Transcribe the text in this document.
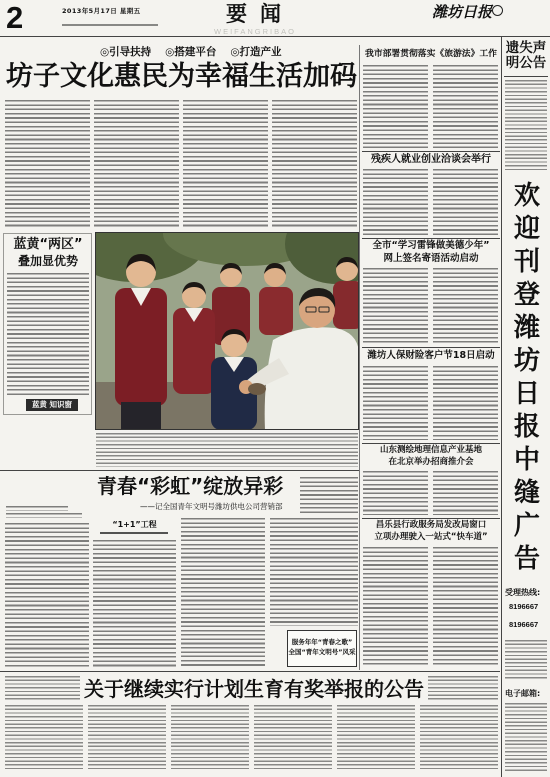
2	2013年5月17日 星期五	要闻
WEIFANGRIBAO
潍坊日报
◎引导扶持 ◎搭建平台 ◎打造产业
坊子文化惠民为幸福生活加码
蓝黄“两区”
叠加显优势
蓝黄 知识窗
青春“彩虹”绽放异彩
——记全国青年文明号潍坊供电公司营销部
“1+1”工程
服务年年“青春之歌”
全国“青年文明号”风采
我市部署贯彻落实《旅游法》工作
残疾人就业创业洽谈会举行
全市“学习雷锋做美德少年”
网上签名寄语活动启动
潍坊人保财险客户节18日启动
山东测绘地理信息产业基地
在北京举办招商推介会
昌乐县行政服务局发改局窗口
立项办理驶入一站式“快车道”
关于继续实行计划生育有奖举报的公告
遗失声明公告
欢迎刊登潍坊日报中缝广告
受理热线:
8196667
8196667
电子邮箱:
